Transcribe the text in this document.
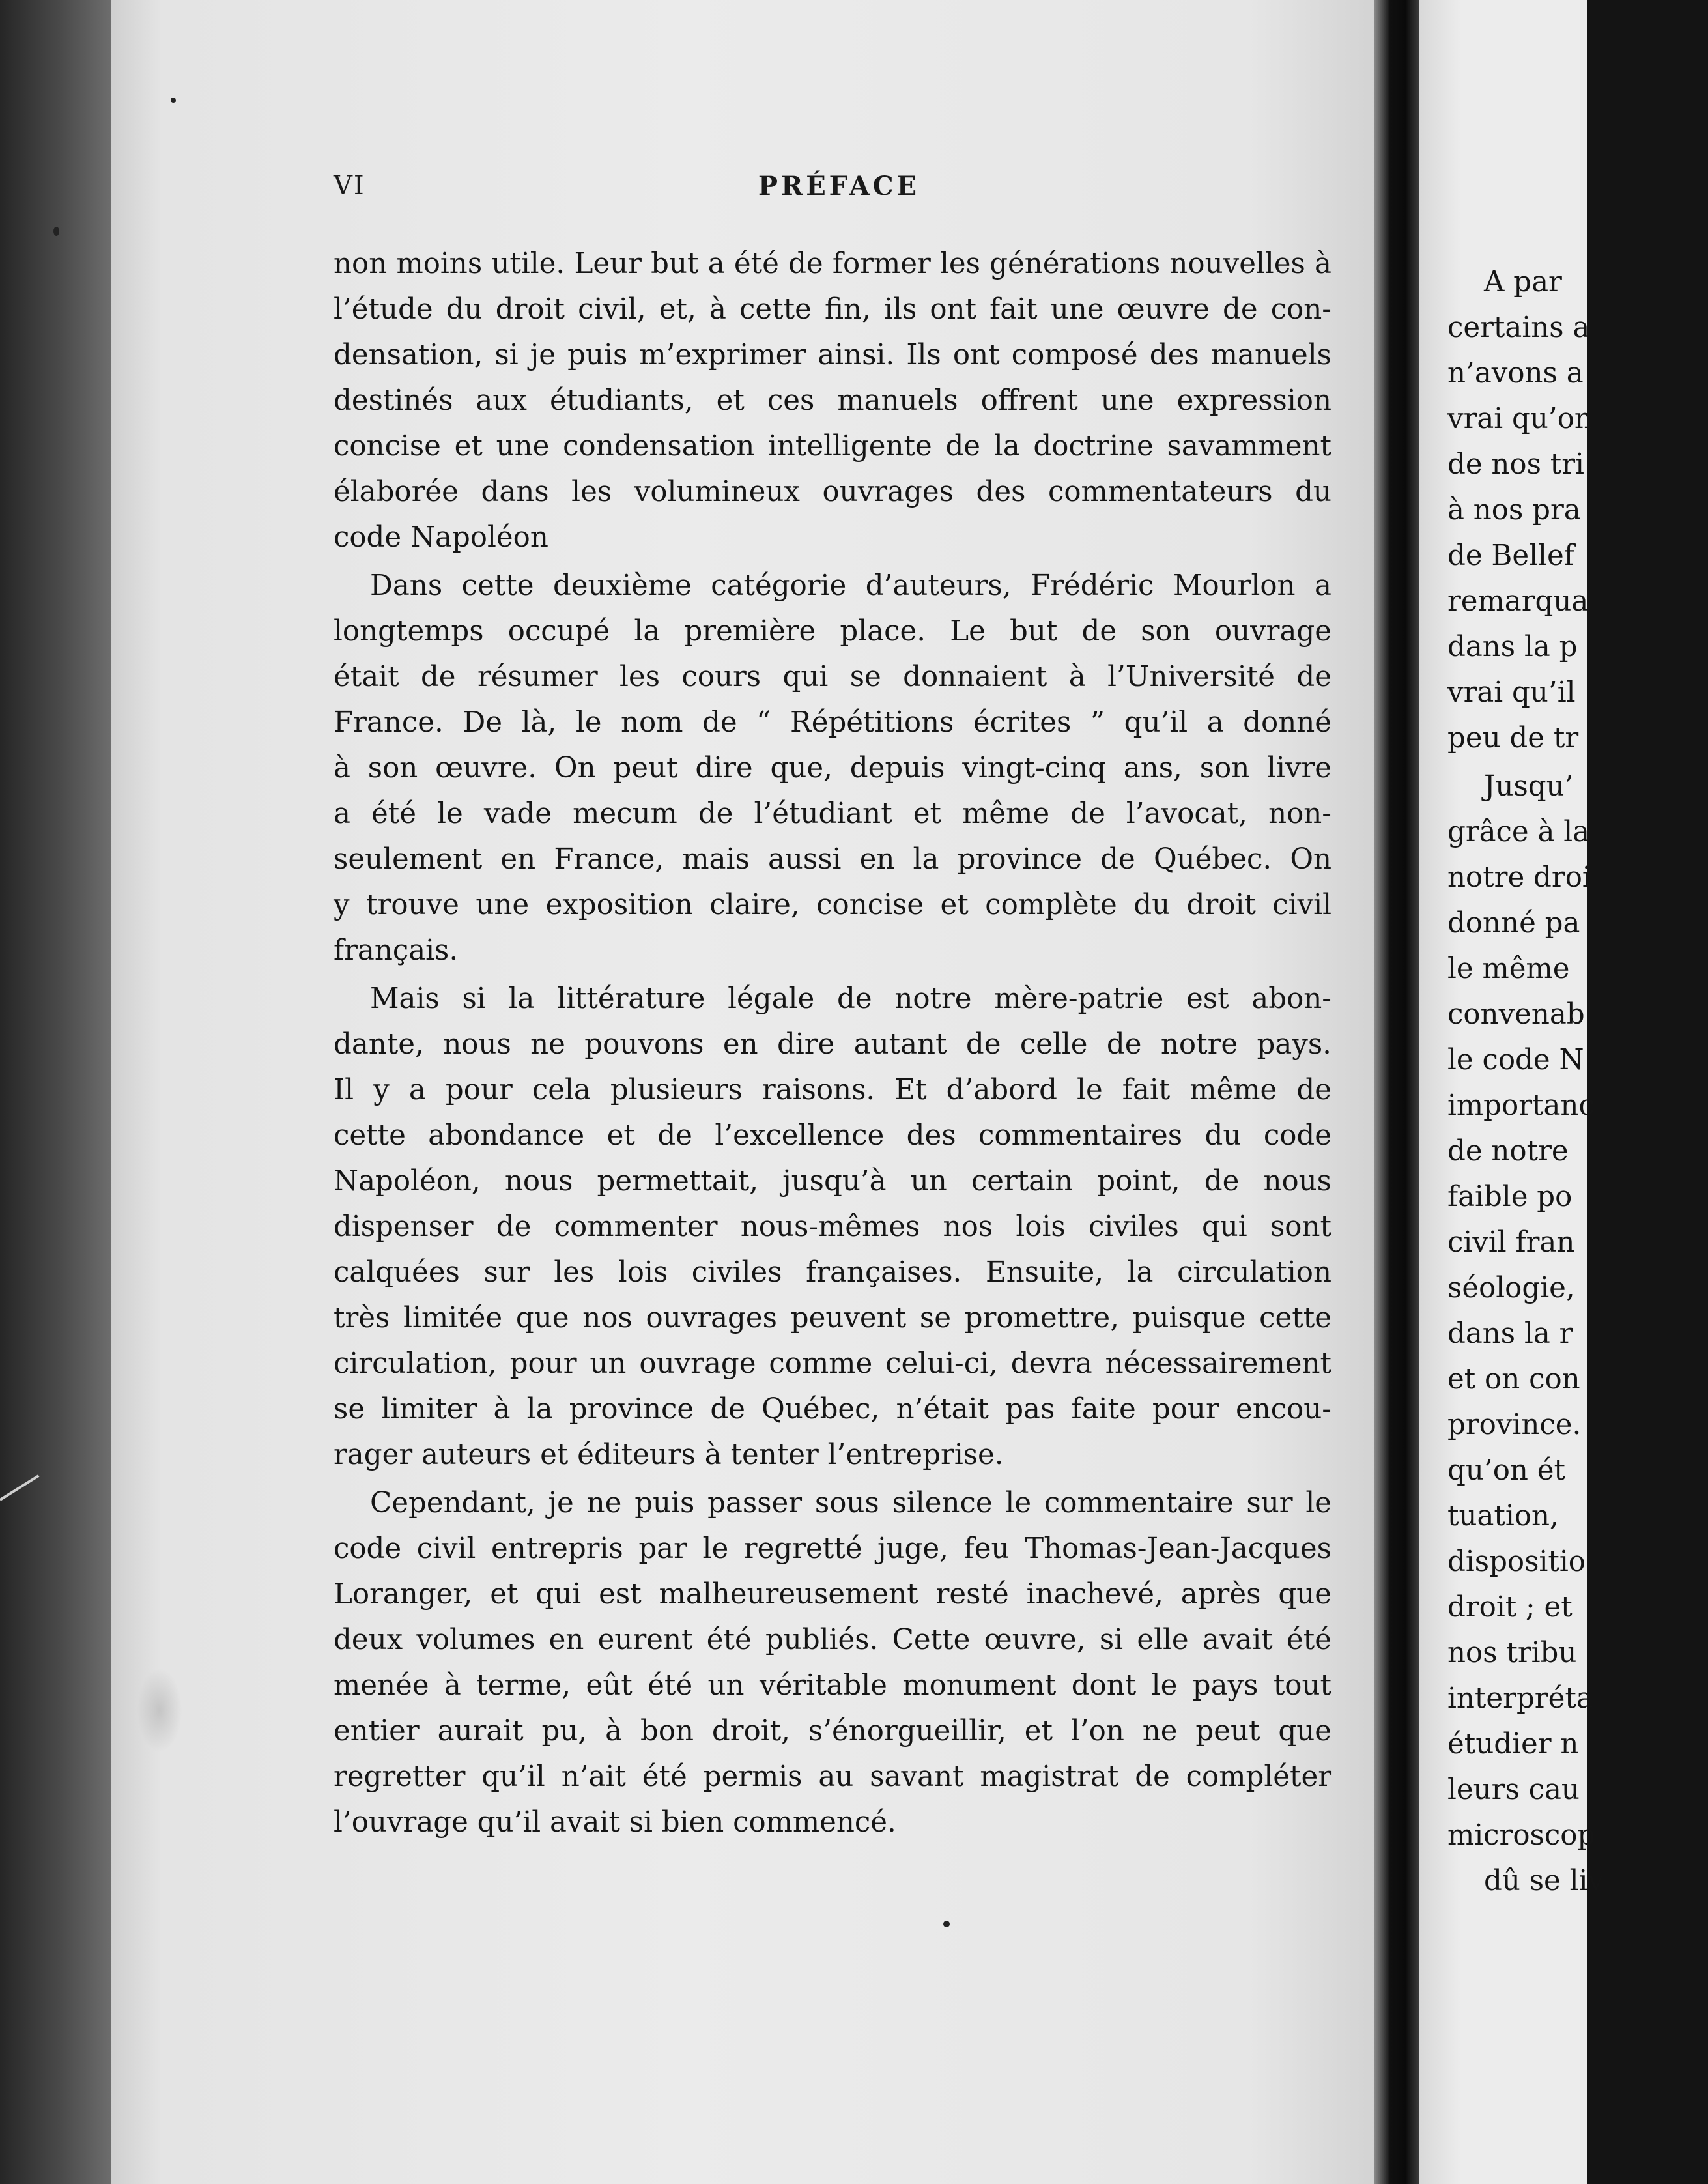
VI	PRÉFACE
non moins utile. Leur but a été de former les générations nouvelles à
l’étude du droit civil, et, à cette fin, ils ont fait une œuvre de con-
densation, si je puis m’exprimer ainsi. Ils ont composé des manuels
destinés aux étudiants, et ces manuels offrent une expression
concise et une condensation intelligente de la doctrine savamment
élaborée dans les volumineux ouvrages des commentateurs du
code Napoléon
Dans cette deuxième catégorie d’auteurs, Frédéric Mourlon a
longtemps occupé la première place. Le but de son ouvrage
était de résumer les cours qui se donnaient à l’Université de
France. De là, le nom de “ Répétitions écrites ” qu’il a donné
à son œuvre. On peut dire que, depuis vingt-cinq ans, son livre
a été le vade mecum de l’étudiant et même de l’avocat, non-
seulement en France, mais aussi en la province de Québec. On
y trouve une exposition claire, concise et complète du droit civil
français.
Mais si la littérature légale de notre mère-patrie est abon-
dante, nous ne pouvons en dire autant de celle de notre pays.
Il y a pour cela plusieurs raisons. Et d’abord le fait même de
cette abondance et de l’excellence des commentaires du code
Napoléon, nous permettait, jusqu’à un certain point, de nous
dispenser de commenter nous-mêmes nos lois civiles qui sont
calquées sur les lois civiles françaises. Ensuite, la circulation
très limitée que nos ouvrages peuvent se promettre, puisque cette
circulation, pour un ouvrage comme celui-ci, devra nécessairement
se limiter à la province de Québec, n’était pas faite pour encou-
rager auteurs et éditeurs à tenter l’entreprise.
Cependant, je ne puis passer sous silence le commentaire sur le
code civil entrepris par le regretté juge, feu Thomas-Jean-Jacques
Loranger, et qui est malheureusement resté inachevé, après que
deux volumes en eurent été publiés. Cette œuvre, si elle avait été
menée à terme, eût été un véritable monument dont le pays tout
entier aurait pu, à bon droit, s’énorgueillir, et l’on ne peut que
regretter qu’il n’ait été permis au savant magistrat de compléter
l’ouvrage qu’il avait si bien commencé.
A par
certains a
n’avons a
vrai qu’on
de nos tri
à nos pra
de Bellef
remarqua
dans la p
vrai qu’il
peu de tr
Jusqu’
grâce à la
notre droi
donné pa
le même
convenab
le code N
importanc
de notre
faible po
civil fran
séologie,
dans la r
et on con
province.
qu’on ét
tuation,
dispositio
droit ; et
nos tribu
interpréta
étudier n
leurs cau
microscop
dû se liv
